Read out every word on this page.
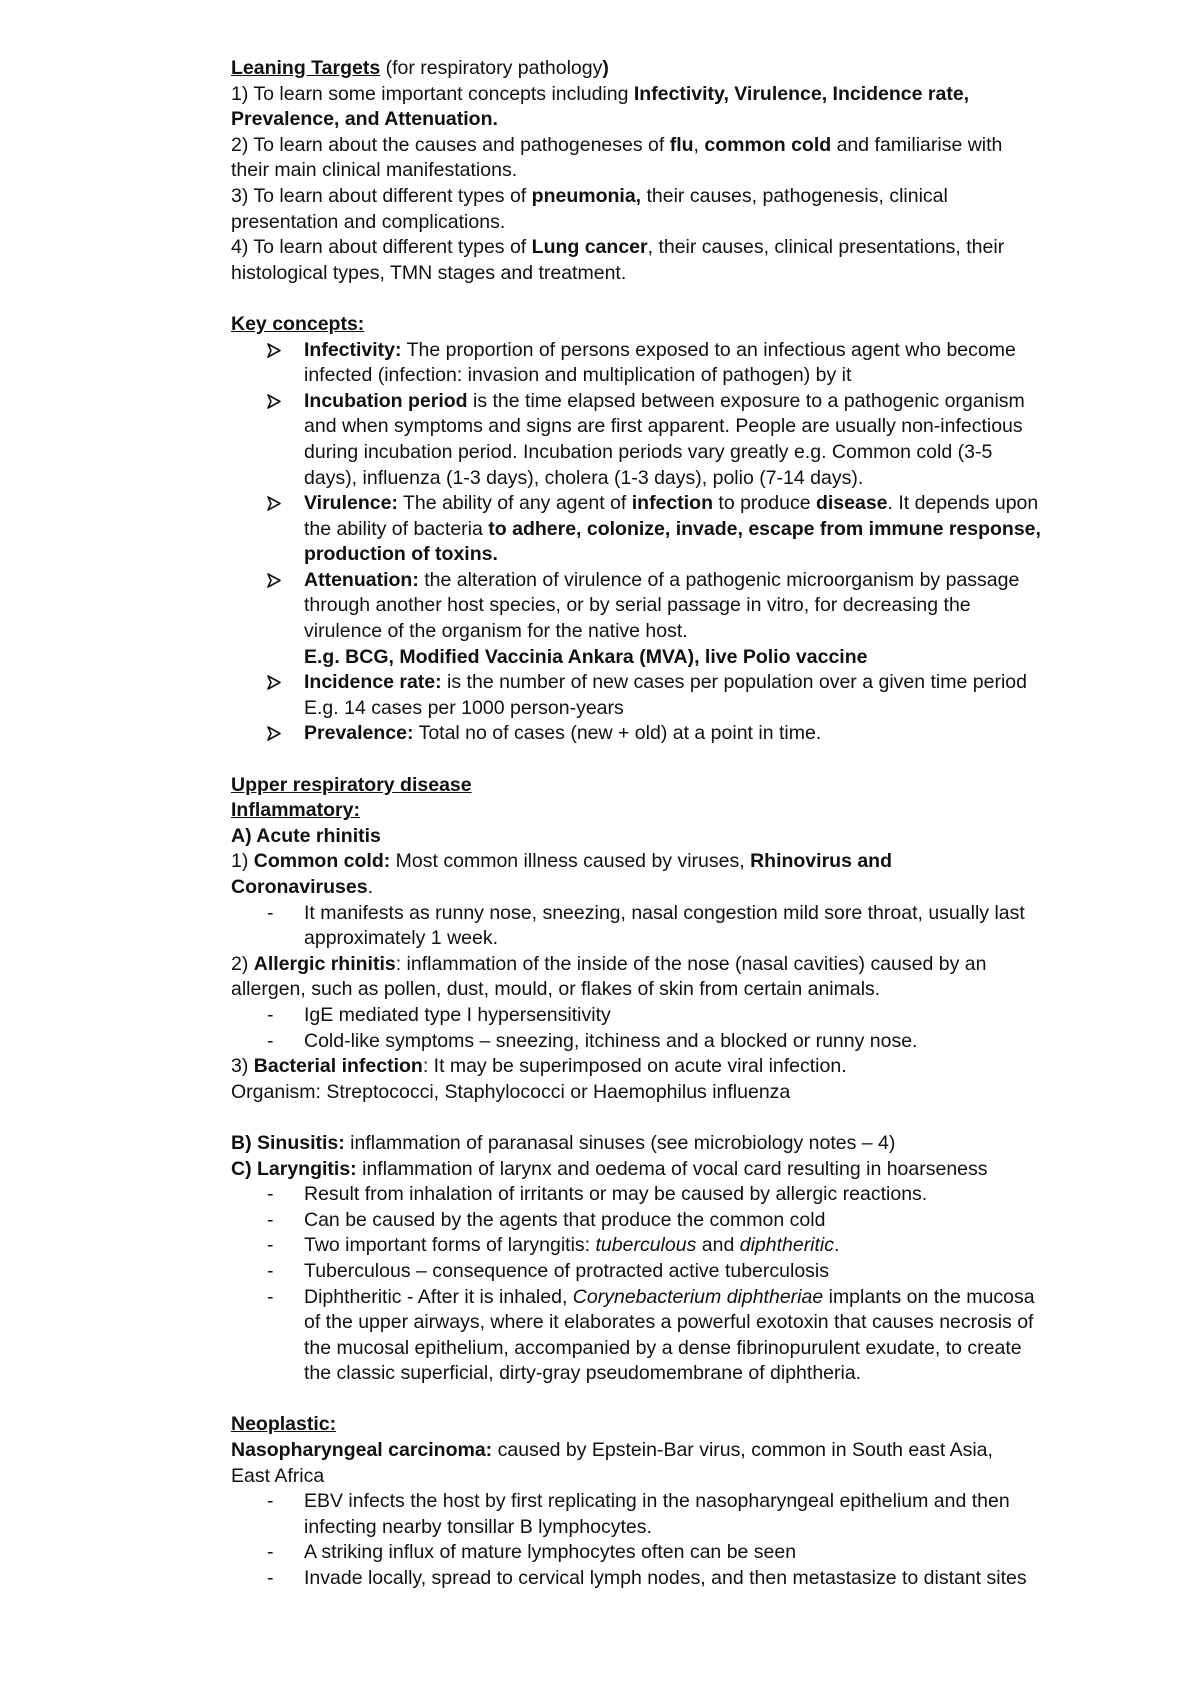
Leaning Targets (for respiratory pathology)
1) To learn some important concepts including Infectivity, Virulence, Incidence rate,
Prevalence, and Attenuation.
2) To learn about the causes and pathogeneses of flu, common cold and familiarise with
their main clinical manifestations.
3) To learn about different types of pneumonia, their causes, pathogenesis, clinical
presentation and complications.
4) To learn about different types of Lung cancer, their causes, clinical presentations, their
histological types, TMN stages and treatment.
Key concepts:
Infectivity: The proportion of persons exposed to an infectious agent who become
infected (infection: invasion and multiplication of pathogen) by it
Incubation period is the time elapsed between exposure to a pathogenic organism
and when symptoms and signs are first apparent. People are usually non-infectious
during incubation period. Incubation periods vary greatly e.g. Common cold (3-5
days), influenza (1-3 days), cholera (1-3 days), polio (7-14 days).
Virulence: The ability of any agent of infection to produce disease. It depends upon
the ability of bacteria to adhere, colonize, invade, escape from immune response,
production of toxins.
Attenuation: the alteration of virulence of a pathogenic microorganism by passage
through another host species, or by serial passage in vitro, for decreasing the
virulence of the organism for the native host.
E.g. BCG, Modified Vaccinia Ankara (MVA), live Polio vaccine
Incidence rate: is the number of new cases per population over a given time period
E.g. 14 cases per 1000 person-years
Prevalence: Total no of cases (new + old) at a point in time.
Upper respiratory disease
Inflammatory:
A) Acute rhinitis
1) Common cold: Most common illness caused by viruses, Rhinovirus and
Coronaviruses.
-	It manifests as runny nose, sneezing, nasal congestion mild sore throat, usually last
approximately 1 week.
2) Allergic rhinitis: inflammation of the inside of the nose (nasal cavities) caused by an
allergen, such as pollen, dust, mould, or flakes of skin from certain animals.
-	IgE mediated type I hypersensitivity
-	Cold-like symptoms – sneezing, itchiness and a blocked or runny nose.
3) Bacterial infection: It may be superimposed on acute viral infection.
Organism: Streptococci, Staphylococci or Haemophilus influenza
B) Sinusitis: inflammation of paranasal sinuses (see microbiology notes – 4)
C) Laryngitis: inflammation of larynx and oedema of vocal card resulting in hoarseness
-	Result from inhalation of irritants or may be caused by allergic reactions.
-	Can be caused by the agents that produce the common cold
-	Two important forms of laryngitis: tuberculous and diphtheritic.
-	Tuberculous – consequence of protracted active tuberculosis
-	Diphtheritic - After it is inhaled, Corynebacterium diphtheriae implants on the mucosa
of the upper airways, where it elaborates a powerful exotoxin that causes necrosis of
the mucosal epithelium, accompanied by a dense fibrinopurulent exudate, to create
the classic superficial, dirty-gray pseudomembrane of diphtheria.
Neoplastic:
Nasopharyngeal carcinoma: caused by Epstein-Bar virus, common in South east Asia,
East Africa
-	EBV infects the host by first replicating in the nasopharyngeal epithelium and then
infecting nearby tonsillar B lymphocytes.
-	A striking influx of mature lymphocytes often can be seen
-	Invade locally, spread to cervical lymph nodes, and then metastasize to distant sites
